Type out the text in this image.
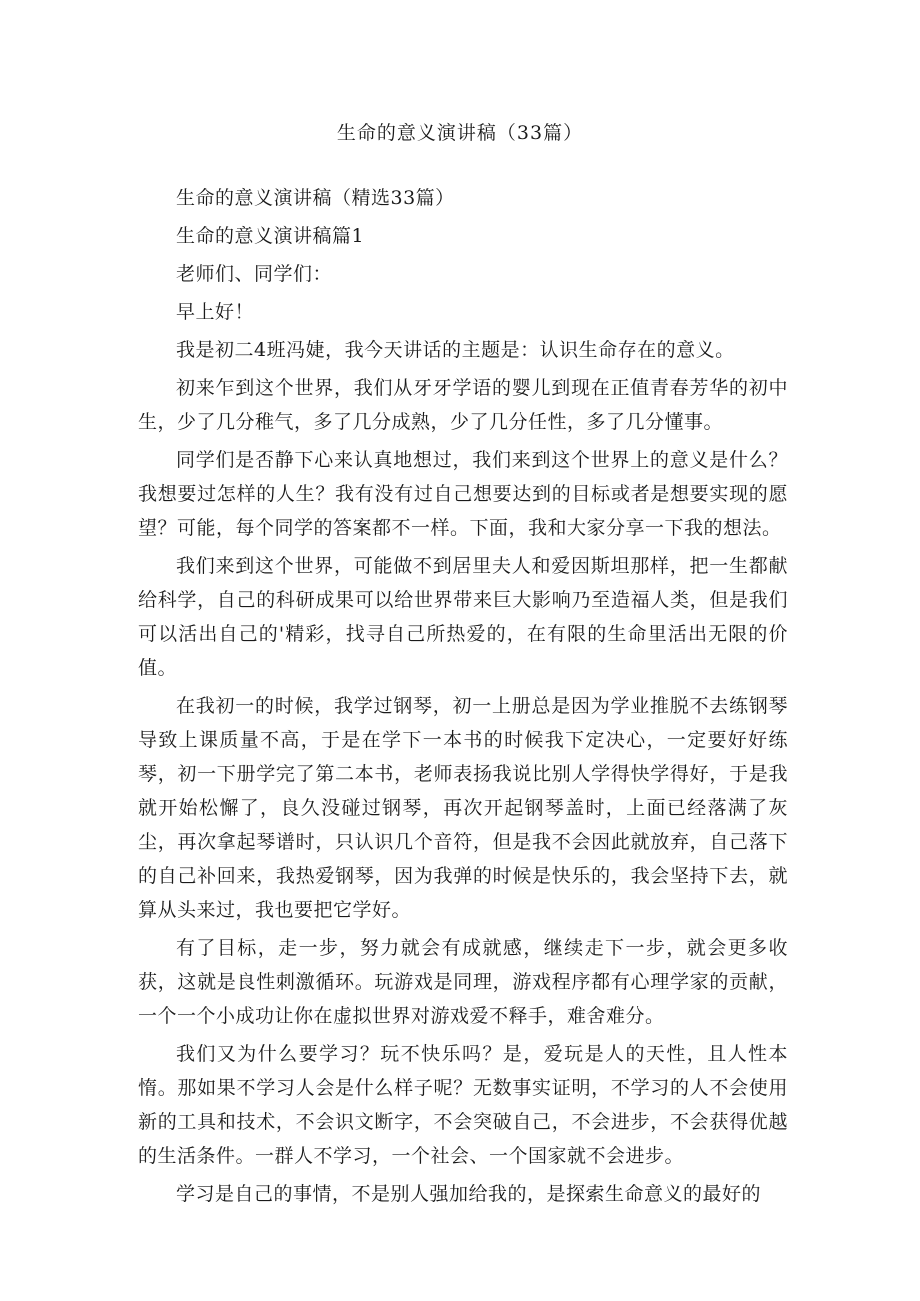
生命的意义演讲稿（33篇）

生命的意义演讲稿（精选33篇）

生命的意义演讲稿篇1

老师们、同学们：

早上好！

我是初二4班冯婕，我今天讲话的主题是：认识生命存在的意义。

初来乍到这个世界，我们从牙牙学语的婴儿到现在正值青春芳华的初中生，少了几分稚气，多了几分成熟，少了几分任性，多了几分懂事。

同学们是否静下心来认真地想过，我们来到这个世界上的意义是什么？我想要过怎样的人生？我有没有过自己想要达到的目标或者是想要实现的愿望？可能，每个同学的答案都不一样。下面，我和大家分享一下我的想法。

我们来到这个世界，可能做不到居里夫人和爱因斯坦那样，把一生都献给科学，自己的科研成果可以给世界带来巨大影响乃至造福人类，但是我们可以活出自己的'精彩，找寻自己所热爱的，在有限的生命里活出无限的价值。

在我初一的时候，我学过钢琴，初一上册总是因为学业推脱不去练钢琴导致上课质量不高，于是在学下一本书的时候我下定决心，一定要好好练琴，初一下册学完了第二本书，老师表扬我说比别人学得快学得好，于是我就开始松懈了，良久没碰过钢琴，再次开起钢琴盖时，上面已经落满了灰尘，再次拿起琴谱时，只认识几个音符，但是我不会因此就放弃，自己落下的自己补回来，我热爱钢琴，因为我弹的时候是快乐的，我会坚持下去，就算从头来过，我也要把它学好。

有了目标，走一步，努力就会有成就感，继续走下一步，就会更多收获，这就是良性刺激循环。玩游戏是同理，游戏程序都有心理学家的贡献，一个一个小成功让你在虚拟世界对游戏爱不释手，难舍难分。

我们又为什么要学习？玩不快乐吗？是，爱玩是人的天性，且人性本惰。那如果不学习人会是什么样子呢？无数事实证明，不学习的人不会使用新的工具和技术，不会识文断字，不会突破自己，不会进步，不会获得优越的生活条件。一群人不学习，一个社会、一个国家就不会进步。

学习是自己的事情，不是别人强加给我的，是探索生命意义的最好的
